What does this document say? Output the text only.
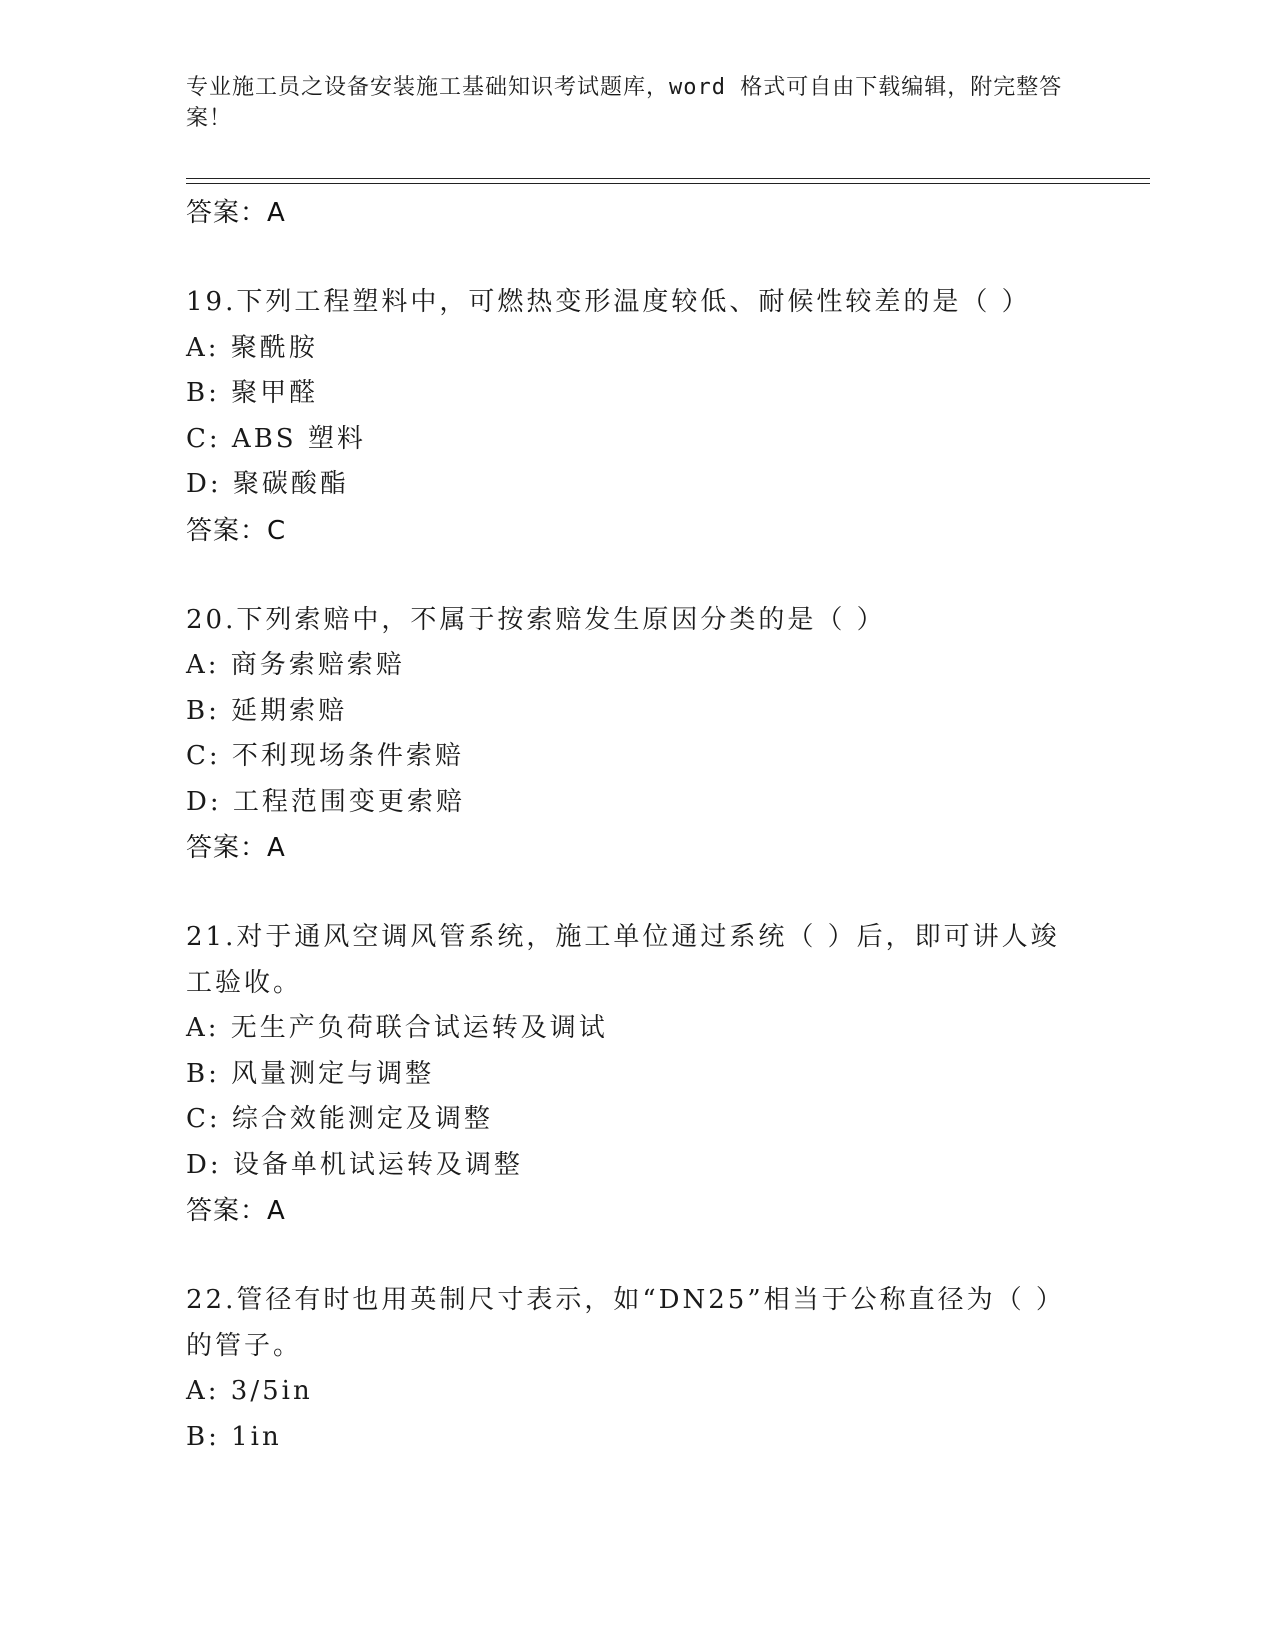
专业施工员之设备安装施工基础知识考试题库，word 格式可自由下载编辑，附完整答案！
答案：A
19.下列工程塑料中，可燃热变形温度较低、耐候性较差的是（ ）
A: 聚酰胺
B: 聚甲醛
C: ABS 塑料
D: 聚碳酸酯
答案：C
20.下列索赔中，不属于按索赔发生原因分类的是（ ）
A: 商务索赔索赔
B: 延期索赔
C: 不利现场条件索赔
D: 工程范围变更索赔
答案：A
21.对于通风空调风管系统，施工单位通过系统（ ）后，即可讲人竣工验收。
A: 无生产负荷联合试运转及调试
B: 风量测定与调整
C: 综合效能测定及调整
D: 设备单机试运转及调整
答案：A
22.管径有时也用英制尺寸表示，如“DN25”相当于公称直径为（ ）的管子。
A: 3/5in
B: 1in
